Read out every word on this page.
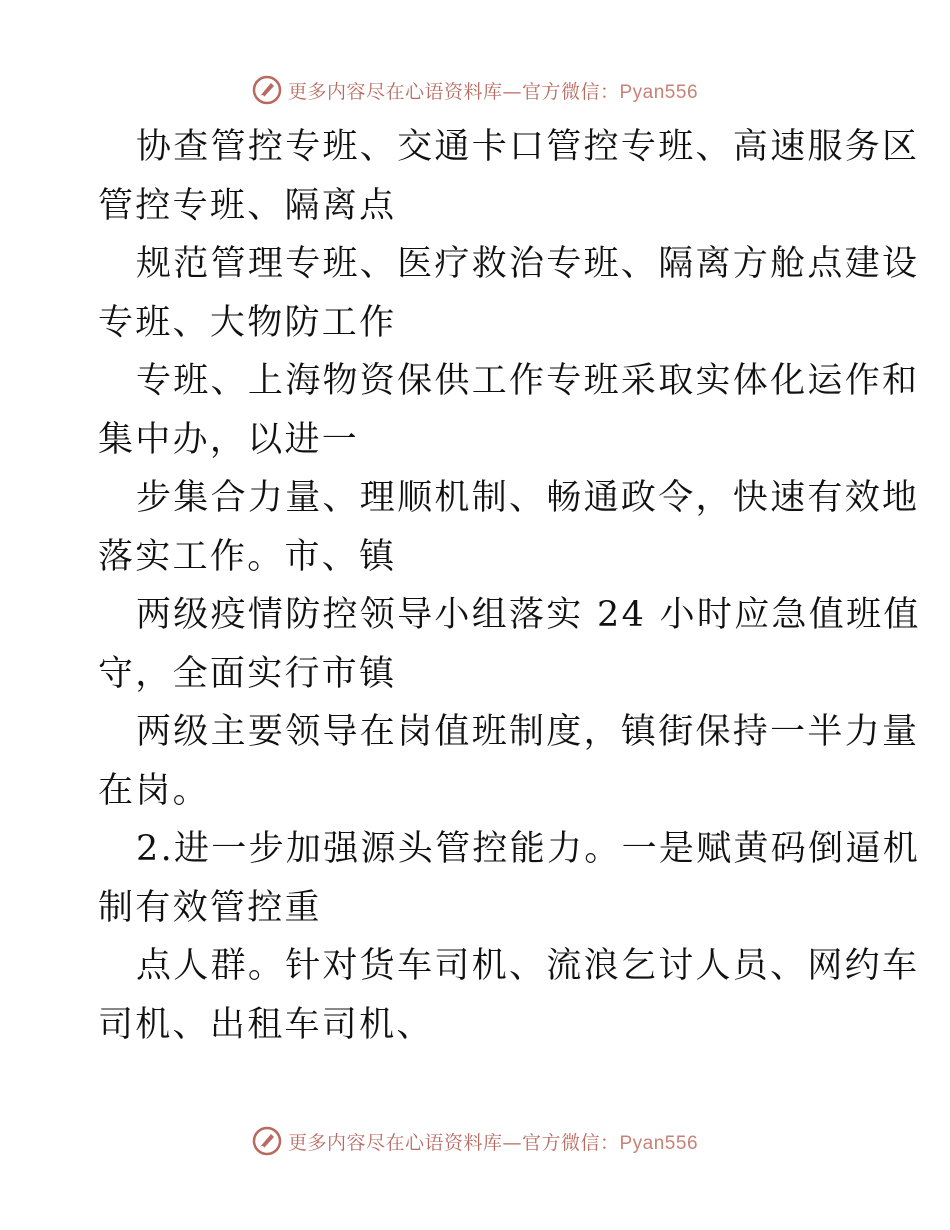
更多内容尽在心语资料库—官方微信：Pyan556
协查管控专班、交通卡口管控专班、高速服务区
管控专班、隔离点
规范管理专班、医疗救治专班、隔离方舱点建设
专班、大物防工作
专班、上海物资保供工作专班采取实体化运作和
集中办，以进一
步集合力量、理顺机制、畅通政令，快速有效地
落实工作。市、镇
两级疫情防控领导小组落实 24 小时应急值班值
守，全面实行市镇
两级主要领导在岗值班制度，镇街保持一半力量
在岗。
2.进一步加强源头管控能力。一是赋黄码倒逼机
制有效管控重
点人群。针对货车司机、流浪乞讨人员、网约车
司机、出租车司机、
更多内容尽在心语资料库—官方微信：Pyan556
